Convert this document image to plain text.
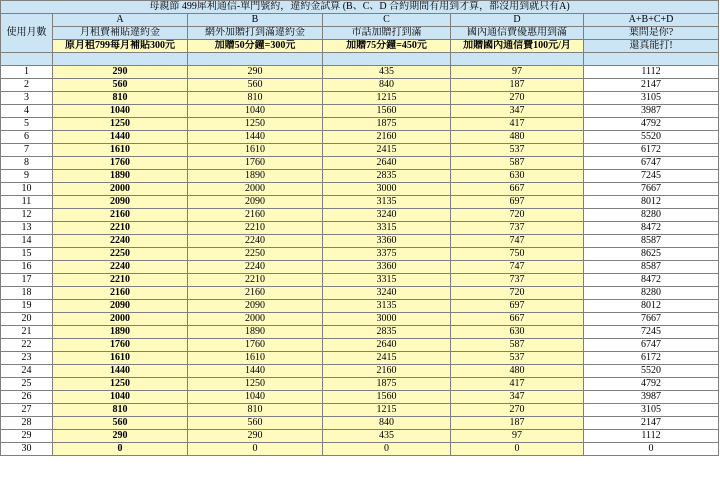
母親節 499犀利通信-單門號約，違約金試算 (B、C、D 合約期間有用到才算，都沒用到就只有A)					
使用月數	A	B	C	D	A+B+C+D
	月租費補貼違約金	網外加贈打到滿違約金	市話加贈打到滿	國內通信費優惠用到滿	葉問是你?
	原月租799每月補貼300元	加贈50分鐘=300元	加贈75分鐘=450元	加贈國內通信費100元/月	還真能打!

1	290	290	435	97	1112
2	560	560	840	187	2147
3	810	810	1215	270	3105
4	1040	1040	1560	347	3987
5	1250	1250	1875	417	4792
6	1440	1440	2160	480	5520
7	1610	1610	2415	537	6172
8	1760	1760	2640	587	6747
9	1890	1890	2835	630	7245
10	2000	2000	3000	667	7667
11	2090	2090	3135	697	8012
12	2160	2160	3240	720	8280
13	2210	2210	3315	737	8472
14	2240	2240	3360	747	8587
15	2250	2250	3375	750	8625
16	2240	2240	3360	747	8587
17	2210	2210	3315	737	8472
18	2160	2160	3240	720	8280
19	2090	2090	3135	697	8012
20	2000	2000	3000	667	7667
21	1890	1890	2835	630	7245
22	1760	1760	2640	587	6747
23	1610	1610	2415	537	6172
24	1440	1440	2160	480	5520
25	1250	1250	1875	417	4792
26	1040	1040	1560	347	3987
27	810	810	1215	270	3105
28	560	560	840	187	2147
29	290	290	435	97	1112
30	0	0	0	0	0
